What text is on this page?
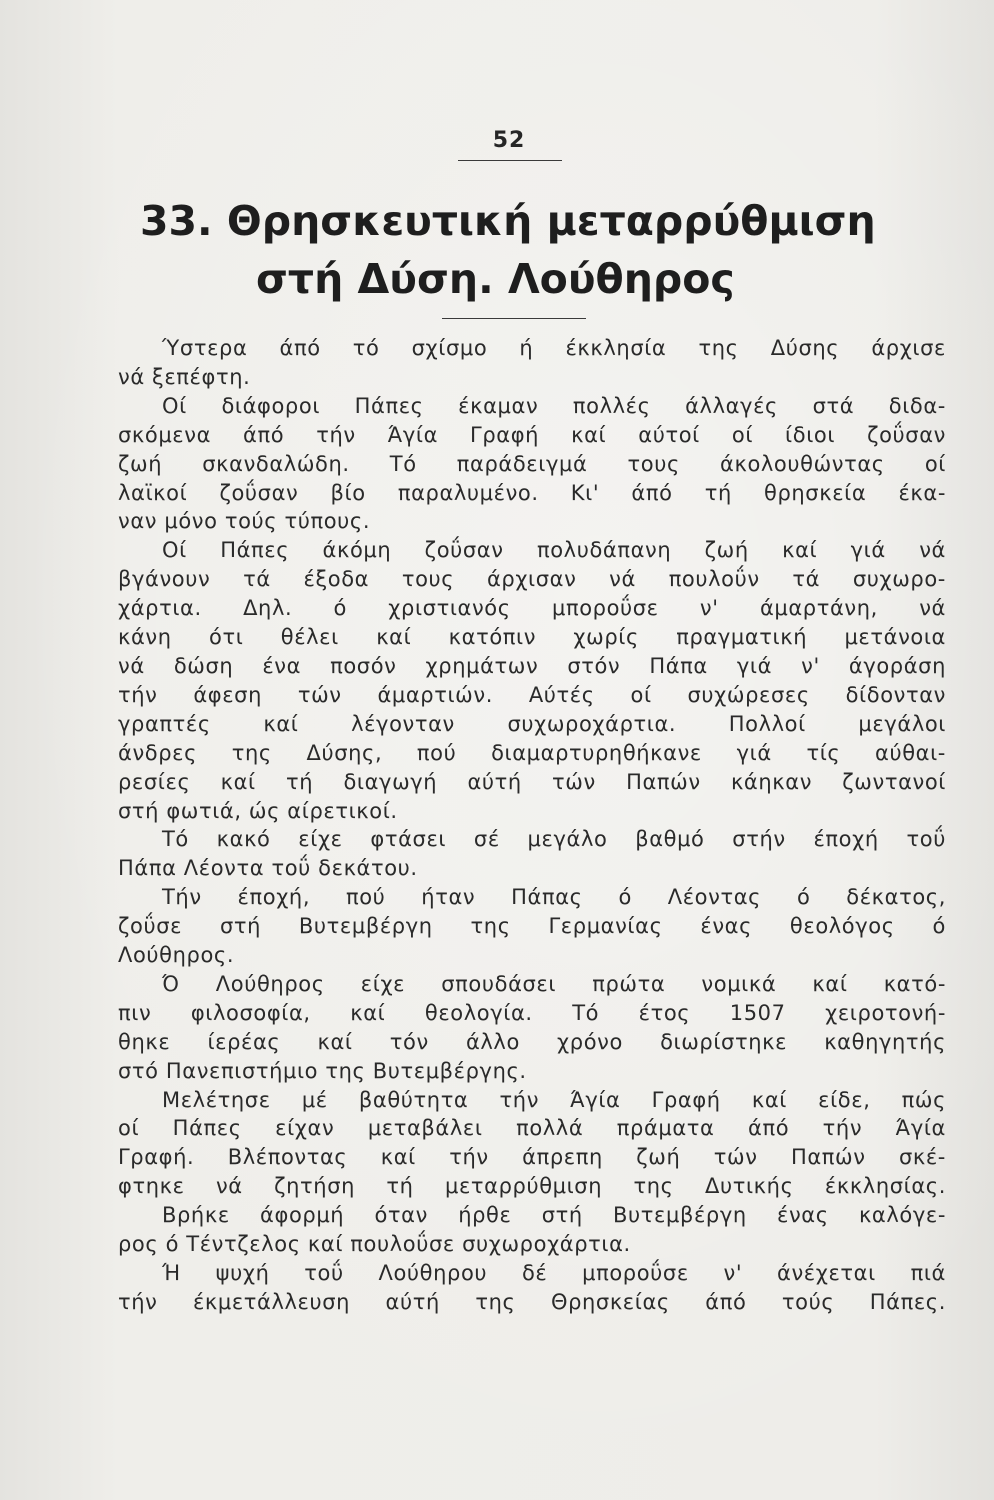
52
33. Θρησκευτική μεταρρύθμιση
στή Δύση. Λούθηρος
Ύστερα άπό τό σχίσμο ή έκκλησία της Δύσης άρχισε
νά ξεπέφτη.
Οί διάφοροι Πάπες έκαμαν πολλές άλλαγές στά διδα-
σκόμενα άπό τήν Άγία Γραφή καί αύτοί οί ίδιοι ζοΰσαν
ζωή σκανδαλώδη. Τό παράδειγμά τους άκολουθώντας οί
λαϊκοί ζοΰσαν βίο παραλυμένο. Κι' άπό τή θρησκεία έκα-
ναν μόνο τούς τύπους.
Οί Πάπες άκόμη ζοΰσαν πολυδάπανη ζωή καί γιά νά
βγάνουν τά έξοδα τους άρχισαν νά πουλοΰν τά συχωρο-
χάρτια. Δηλ. ό χριστιανός μποροΰσε ν' άμαρτάνη, νά
κάνη ότι θέλει καί κατόπιν χωρίς πραγματική μετάνοια
νά δώση ένα ποσόν χρημάτων στόν Πάπα γιά ν' άγοράση
τήν άφεση τών άμαρτιών. Αύτές οί συχώρεσες δίδονταν
γραπτές καί λέγονταν συχωροχάρτια. Πολλοί μεγάλοι
άνδρες της Δύσης, πού διαμαρτυρηθήκανε γιά τίς αύθαι-
ρεσίες καί τή διαγωγή αύτή τών Παπών κάηκαν ζωντανοί
στή φωτιά, ώς αίρετικοί.
Τό κακό είχε φτάσει σέ μεγάλο βαθμό στήν έποχή τοΰ
Πάπα Λέοντα τοΰ δεκάτου.
Τήν έποχή, πού ήταν Πάπας ό Λέοντας ό δέκατος,
ζοΰσε στή Βυτεμβέργη της Γερμανίας ένας θεολόγος ό
Λούθηρος.
Ό Λούθηρος είχε σπουδάσει πρώτα νομικά καί κατό-
πιν φιλοσοφία, καί θεολογία. Τό έτος 1507 χειροτονή-
θηκε ίερέας καί τόν άλλο χρόνο διωρίστηκε καθηγητής
στό Πανεπιστήμιο της Βυτεμβέργης.
Μελέτησε μέ βαθύτητα τήν Άγία Γραφή καί είδε, πώς
οί Πάπες είχαν μεταβάλει πολλά πράματα άπό τήν Άγία
Γραφή. Βλέποντας καί τήν άπρεπη ζωή τών Παπών σκέ-
φτηκε νά ζητήση τή μεταρρύθμιση της Δυτικής έκκλησίας.
Βρήκε άφορμή όταν ήρθε στή Βυτεμβέργη ένας καλόγε-
ρος ό Τέντζελος καί πουλοΰσε συχωροχάρτια.
Ή ψυχή τοΰ Λούθηρου δέ μποροΰσε ν' άνέχεται πιά
τήν έκμετάλλευση αύτή της Θρησκείας άπό τούς Πάπες.
